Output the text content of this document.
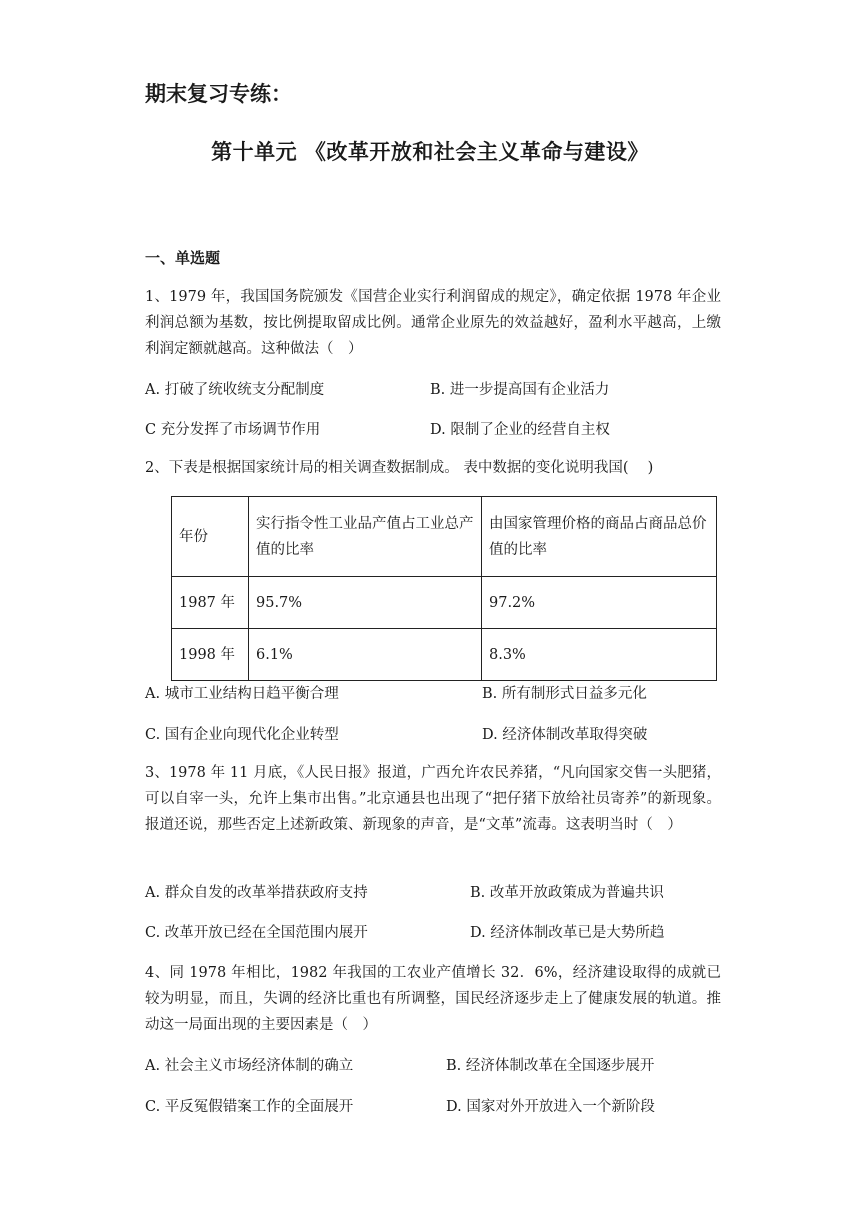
期末复习专练：
第十单元 《改革开放和社会主义革命与建设》
一、单选题
1、1979 年，我国国务院颁发《国营企业实行利润留成的规定》，确定依据 1978 年企业利润总额为基数，按比例提取留成比例。通常企业原先的效益越好，盈利水平越高，上缴利润定额就越高。这种做法（　）
A. 打破了统收统支分配制度	B. 进一步提高国有企业活力
C 充分发挥了市场调节作用	D. 限制了企业的经营自主权
2、下表是根据国家统计局的相关调查数据制成。 表中数据的变化说明我国(　 )
年份	实行指令性工业品产值占工业总产值的比率	由国家管理价格的商品占商品总价值的比率
1987 年	95.7%	97.2%
1998 年	6.1%	8.3%
A. 城市工业结构日趋平衡合理	B. 所有制形式日益多元化
C. 国有企业向现代化企业转型	D. 经济体制改革取得突破
3、1978 年 11 月底，《人民日报》报道，广西允许农民养猪，“凡向国家交售一头肥猪，可以自宰一头，允许上集市出售。”北京通县也出现了“把仔猪下放给社员寄养”的新现象。报道还说，那些否定上述新政策、新现象的声音，是“文革”流毒。这表明当时（　）
A. 群众自发的改革举措获政府支持	B. 改革开放政策成为普遍共识
C. 改革开放已经在全国范围内展开	D. 经济体制改革已是大势所趋
4、同 1978 年相比，1982 年我国的工农业产值增长 32．6%，经济建设取得的成就已较为明显，而且，失调的经济比重也有所调整，国民经济逐步走上了健康发展的轨道。推动这一局面出现的主要因素是（　）
A. 社会主义市场经济体制的确立	B. 经济体制改革在全国逐步展开
C. 平反冤假错案工作的全面展开	D. 国家对外开放进入一个新阶段
